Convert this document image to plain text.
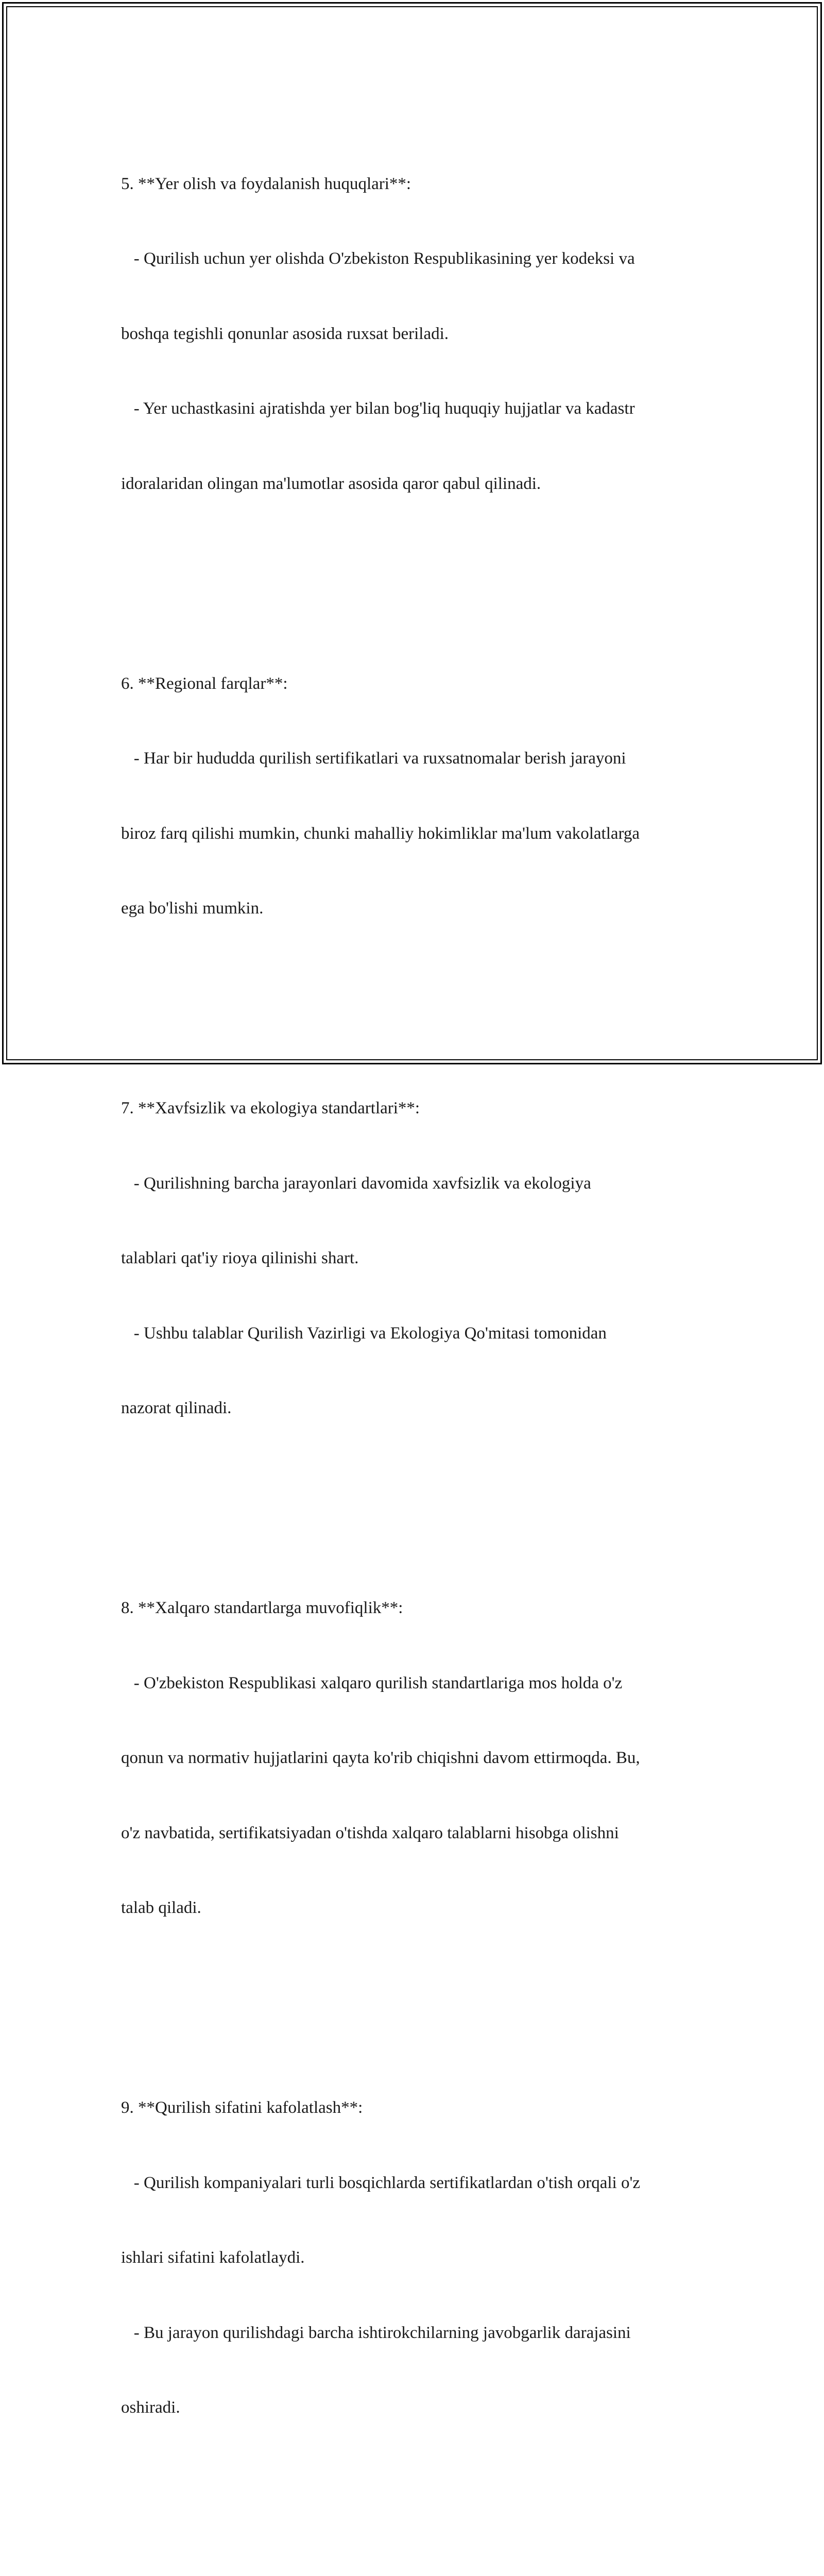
5. **Yer olish va foydalanish huquqlari**:

- Qurilish uchun yer olishda O'zbekiston Respublikasining yer kodeksi va

boshqa tegishli qonunlar asosida ruxsat beriladi.

- Yer uchastkasini ajratishda yer bilan bog'liq huquqiy hujjatlar va kadastr

idoralaridan olingan ma'lumotlar asosida qaror qabul qilinadi.

6. **Regional farqlar**:

- Har bir hududda qurilish sertifikatlari va ruxsatnomalar berish jarayoni

biroz farq qilishi mumkin, chunki mahalliy hokimliklar ma'lum vakolatlarga

ega bo'lishi mumkin.

7. **Xavfsizlik va ekologiya standartlari**:

- Qurilishning barcha jarayonlari davomida xavfsizlik va ekologiya

talablari qat'iy rioya qilinishi shart.

- Ushbu talablar Qurilish Vazirligi va Ekologiya Qo'mitasi tomonidan

nazorat qilinadi.

8. **Xalqaro standartlarga muvofiqlik**:

- O'zbekiston Respublikasi xalqaro qurilish standartlariga mos holda o'z

qonun va normativ hujjatlarini qayta ko'rib chiqishni davom ettirmoqda. Bu,

o'z navbatida, sertifikatsiyadan o'tishda xalqaro talablarni hisobga olishni

talab qiladi.

9. **Qurilish sifatini kafolatlash**:

- Qurilish kompaniyalari turli bosqichlarda sertifikatlardan o'tish orqali o'z

ishlari sifatini kafolatlaydi.

- Bu jarayon qurilishdagi barcha ishtirokchilarning javobgarlik darajasini

oshiradi.
